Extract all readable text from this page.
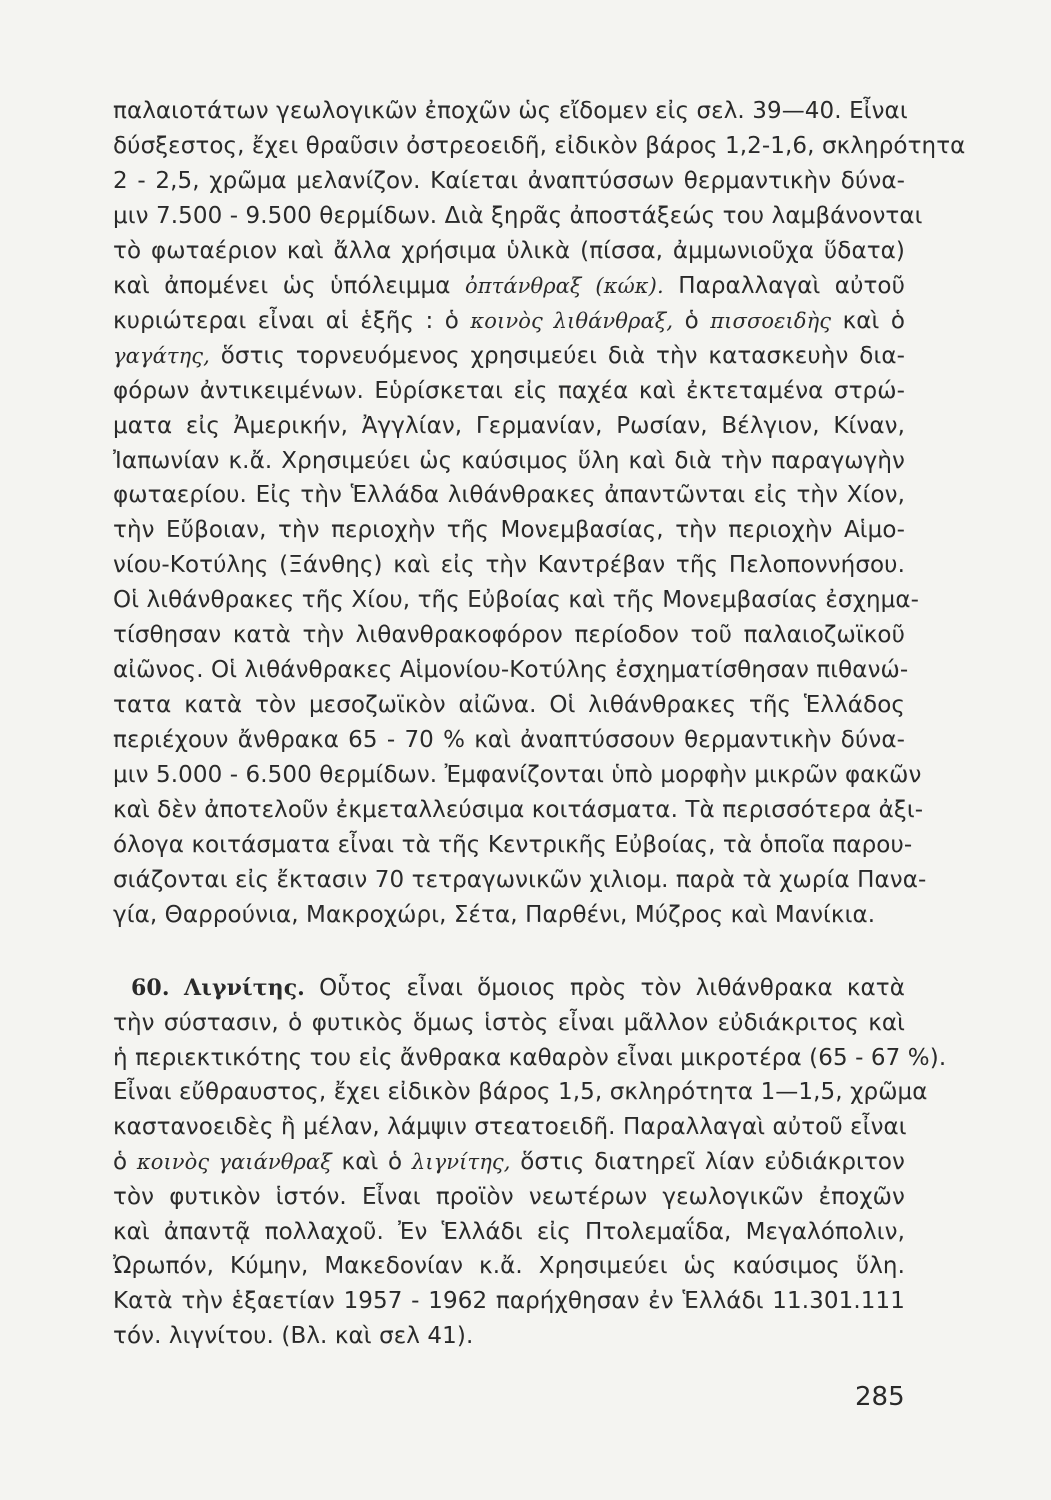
παλαιοτάτων γεωλογικῶν ἐποχῶν ὡς εἴδομεν εἰς σελ. 39—40. Εἶναι
δύσξεστος, ἔχει θραῦσιν ὀστρεοειδῆ, εἰδικὸν βάρος 1,2-1,6, σκληρότητα
2 - 2,5, χρῶμα μελανίζον. Καίεται ἀναπτύσσων θερμαντικὴν δύνα-
μιν 7.500 - 9.500 θερμίδων. Διὰ ξηρᾶς ἀποστάξεώς του λαμβάνονται
τὸ φωταέριον καὶ ἄλλα χρήσιμα ὑλικὰ (πίσσα, ἀμμωνιοῦχα ὕδατα)
καὶ ἀπομένει ὡς ὑπόλειμμα ὀπτάνθραξ (κώκ). Παραλλαγαὶ αὐτοῦ
κυριώτεραι εἶναι αἱ ἑξῆς : ὁ κοινὸς λιθάνθραξ, ὁ πισσοειδὴς καὶ ὁ
γαγάτης, ὅστις τορνευόμενος χρησιμεύει διὰ τὴν κατασκευὴν δια-
φόρων ἀντικειμένων. Εὑρίσκεται εἰς παχέα καὶ ἐκτεταμένα στρώ-
ματα εἰς Ἀμερικήν, Ἀγγλίαν, Γερμανίαν, Ρωσίαν, Βέλγιον, Κίναν,
Ἰαπωνίαν κ.ἄ. Χρησιμεύει ὡς καύσιμος ὕλη καὶ διὰ τὴν παραγωγὴν
φωταερίου. Εἰς τὴν Ἑλλάδα λιθάνθρακες ἀπαντῶνται εἰς τὴν Χίον,
τὴν Εὔβοιαν, τὴν περιοχὴν τῆς Μονεμβασίας, τὴν περιοχὴν Αἱμο-
νίου-Κοτύλης (Ξάνθης) καὶ εἰς τὴν Καντρέβαν τῆς Πελοποννήσου.
Οἱ λιθάνθρακες τῆς Χίου, τῆς Εὐβοίας καὶ τῆς Μονεμβασίας ἐσχημα-
τίσθησαν κατὰ τὴν λιθανθρακοφόρον περίοδον τοῦ παλαιοζωϊκοῦ
αἰῶνος. Οἱ λιθάνθρακες Αἱμονίου-Κοτύλης ἐσχηματίσθησαν πιθανώ-
τατα κατὰ τὸν μεσοζωϊκὸν αἰῶνα. Οἱ λιθάνθρακες τῆς Ἑλλάδος
περιέχουν ἄνθρακα 65 - 70 % καὶ ἀναπτύσσουν θερμαντικὴν δύνα-
μιν 5.000 - 6.500 θερμίδων. Ἐμφανίζονται ὑπὸ μορφὴν μικρῶν φακῶν
καὶ δὲν ἀποτελοῦν ἐκμεταλλεύσιμα κοιτάσματα. Τὰ περισσότερα ἀξι-
όλογα κοιτάσματα εἶναι τὰ τῆς Κεντρικῆς Εὐβοίας, τὰ ὁποῖα παρου-
σιάζονται εἰς ἔκτασιν 70 τετραγωνικῶν χιλιομ. παρὰ τὰ χωρία Πανα-
γία, Θαρρούνια, Μακροχώρι, Σέτα, Παρθένι, Μύζρος καὶ Μανίκια.
60. Λιγνίτης. Οὗτος εἶναι ὅμοιος πρὸς τὸν λιθάνθρακα κατὰ
τὴν σύστασιν, ὁ φυτικὸς ὅμως ἱστὸς εἶναι μᾶλλον εὐδιάκριτος καὶ
ἡ περιεκτικότης του εἰς ἄνθρακα καθαρὸν εἶναι μικροτέρα (65 - 67 %).
Εἶναι εὔθραυστος, ἔχει εἰδικὸν βάρος 1,5, σκληρότητα 1—1,5, χρῶμα
καστανοειδὲς ἢ μέλαν, λάμψιν στεατοειδῆ. Παραλλαγαὶ αὐτοῦ εἶναι
ὁ κοινὸς γαιάνθραξ καὶ ὁ λιγνίτης, ὅστις διατηρεῖ λίαν εὐδιάκριτον
τὸν φυτικὸν ἱστόν. Εἶναι προϊὸν νεωτέρων γεωλογικῶν ἐποχῶν
καὶ ἀπαντᾷ πολλαχοῦ. Ἐν Ἑλλάδι εἰς Πτολεμαΐδα, Μεγαλόπολιν,
Ὠρωπόν, Κύμην, Μακεδονίαν κ.ἄ. Χρησιμεύει ὡς καύσιμος ὕλη.
Κατὰ τὴν ἑξαετίαν 1957 - 1962 παρήχθησαν ἐν Ἑλλάδι 11.301.111
τόν. λιγνίτου. (Βλ. καὶ σελ 41).
285
